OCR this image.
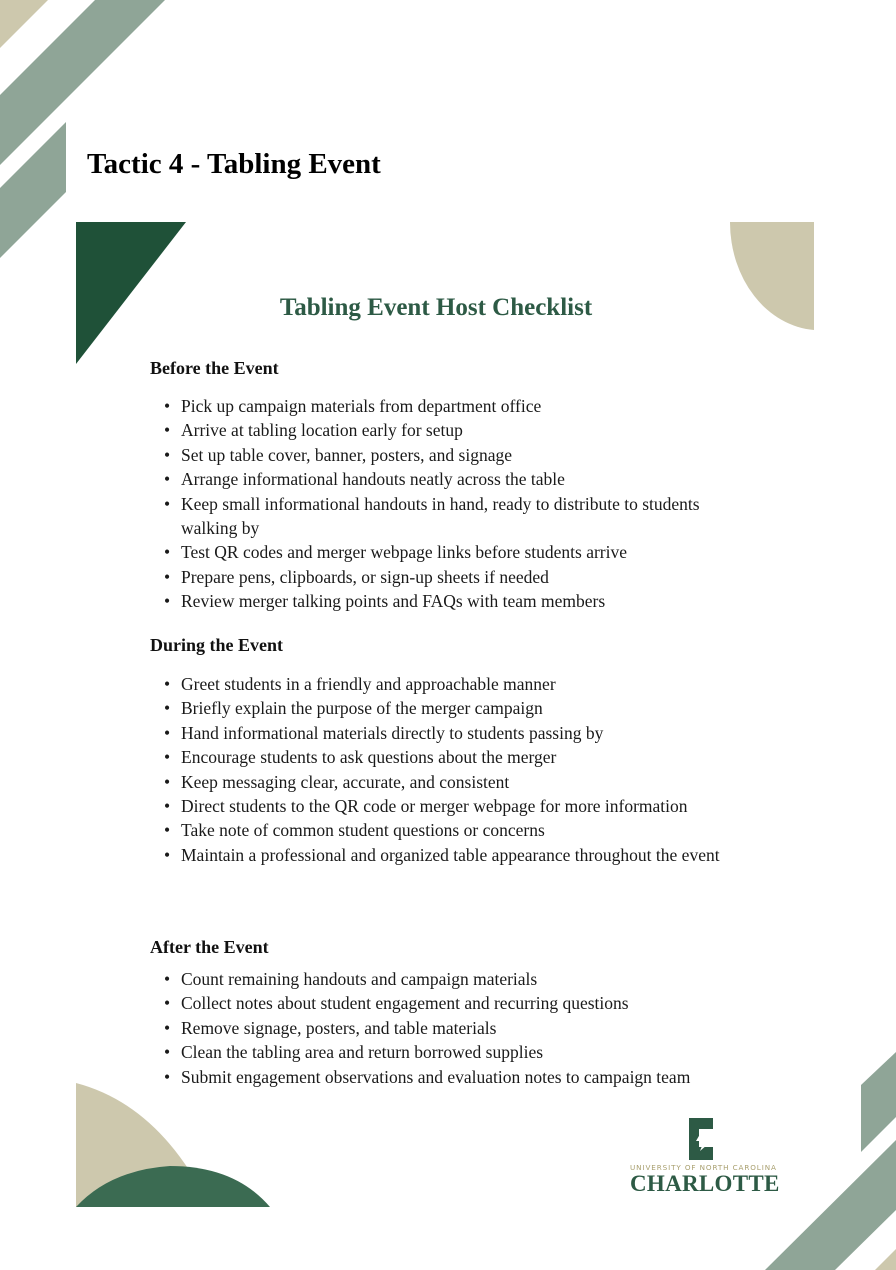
Tactic 4 - Tabling Event
Tabling Event Host Checklist
Before the Event
• Pick up campaign materials from department office
• Arrive at tabling location early for setup
• Set up table cover, banner, posters, and signage
• Arrange informational handouts neatly across the table
• Keep small informational handouts in hand, ready to distribute to students walking by
• Test QR codes and merger webpage links before students arrive
• Prepare pens, clipboards, or sign-up sheets if needed
• Review merger talking points and FAQs with team members
During the Event
• Greet students in a friendly and approachable manner
• Briefly explain the purpose of the merger campaign
• Hand informational materials directly to students passing by
• Encourage students to ask questions about the merger
• Keep messaging clear, accurate, and consistent
• Direct students to the QR code or merger webpage for more information
• Take note of common student questions or concerns
• Maintain a professional and organized table appearance throughout the event
After the Event
• Count remaining handouts and campaign materials
• Collect notes about student engagement and recurring questions
• Remove signage, posters, and table materials
• Clean the tabling area and return borrowed supplies
• Submit engagement observations and evaluation notes to campaign team
UNIVERSITY OF NORTH CAROLINA
CHARLOTTE
